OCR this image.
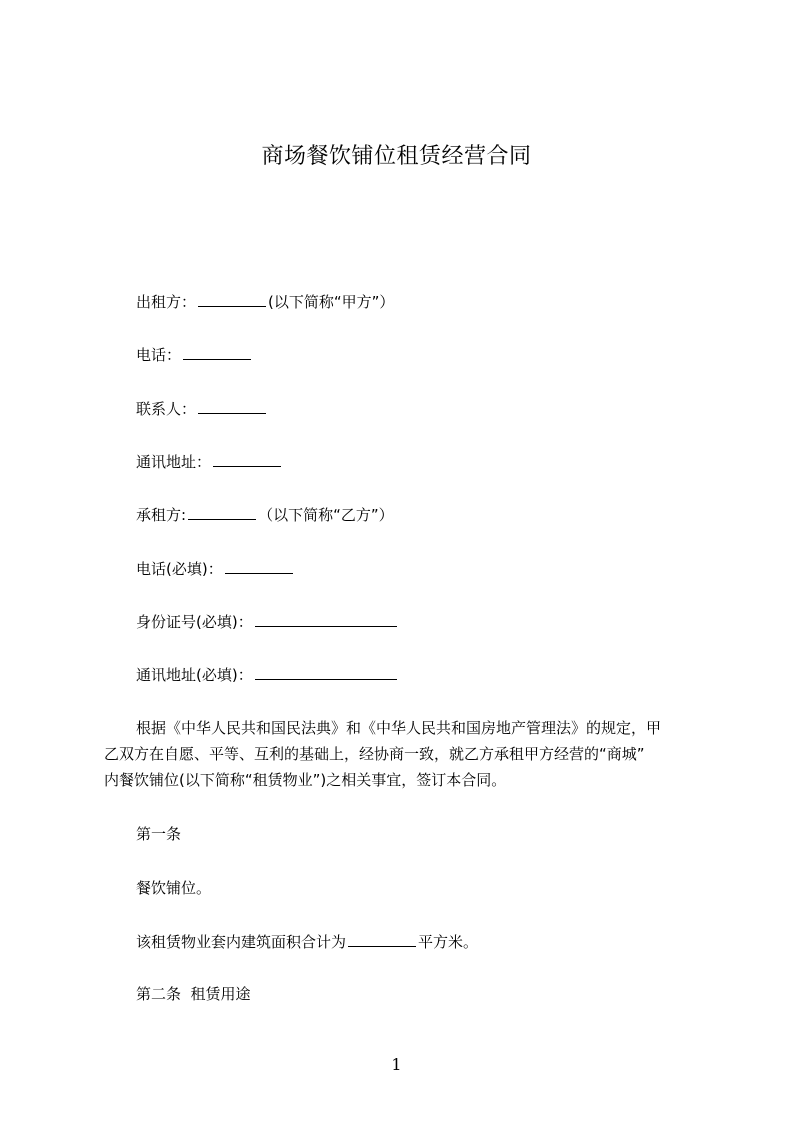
商场餐饮铺位租赁经营合同
出租方：	(以下简称“甲方”）
电话：
联系人：
通讯地址：
承租方:	（以下简称“乙方”）
电话(必填)：
身份证号(必填)：
通讯地址(必填)：
根据《中华人民共和国民法典》和《中华人民共和国房地产管理法》的规定，甲
乙双方在自愿、平等、互利的基础上，经协商一致，就乙方承租甲方经营的“商城”
内餐饮铺位(以下简称“租赁物业”)之相关事宜，签订本合同。
第一条
餐饮铺位。
该租赁物业套内建筑面积合计为	平方米。
第二条  租赁用途
1
